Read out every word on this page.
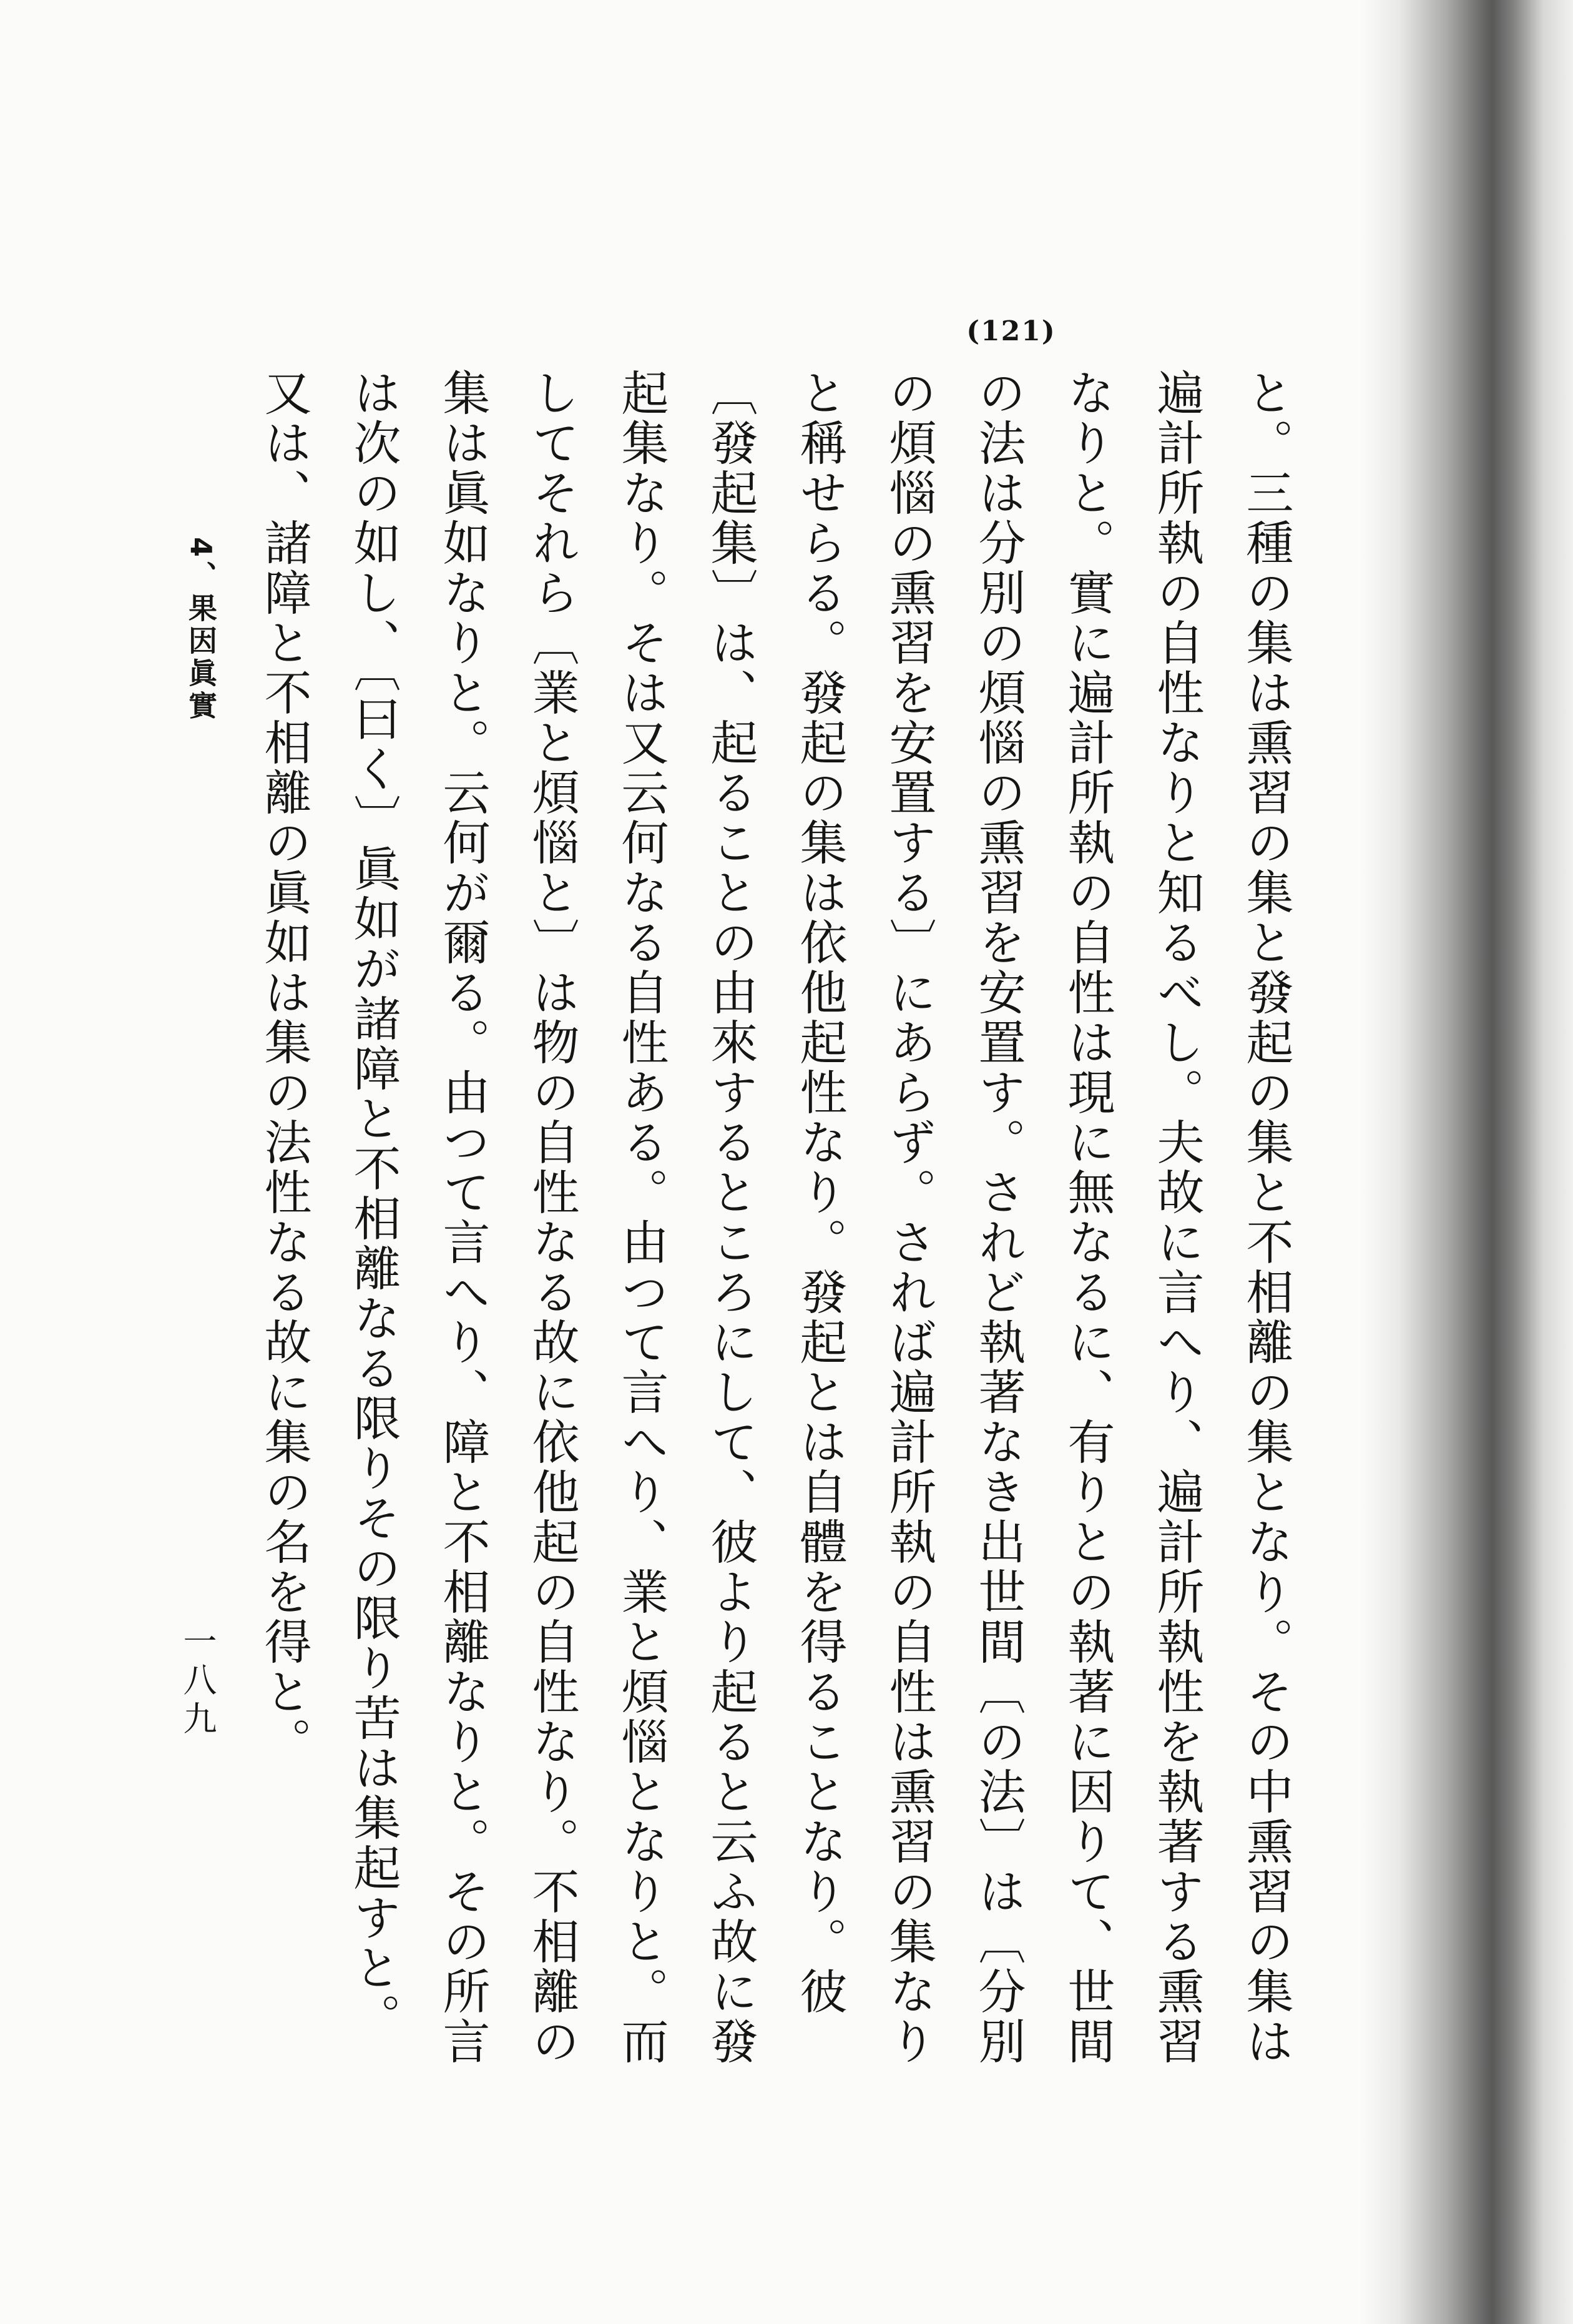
(121)

と。三種の集は熏習の集と發起の集と不相離の集となり。その中熏習の集は遍計所執の自性なりと知るべし。夫故に言へり、遍計所執性を執著する熏習なりと。實に遍計所執の自性は現に無なるに、有りとの執著に因りて、世間の法は分別の煩惱の熏習を安置す。されど執著なき出世間〔の法〕は〔分別の煩惱の熏習を安置する〕にあらず。されば遍計所執の自性は熏習の集なりと稱せらる。發起の集は依他起性なり。發起とは自體を得ることなり。彼〔發起集〕は、起ることの由來するところにして、彼より起ると云ふ故に發起集なり。そは又云何なる自性ある。由つて言へり、業と煩惱となりと。而してそれら〔業と煩惱と〕は物の自性なる故に依他起の自性なり。不相離の集は眞如なりと。云何が爾る。由つて言へり、障と不相離なりと。その所言は次の如し、〔曰く〕眞如が諸障と不相離なる限りその限り苦は集起すと。又は、諸障と不相離の眞如は集の法性なる故に集の名を得と。

4、果因眞實
一八九
